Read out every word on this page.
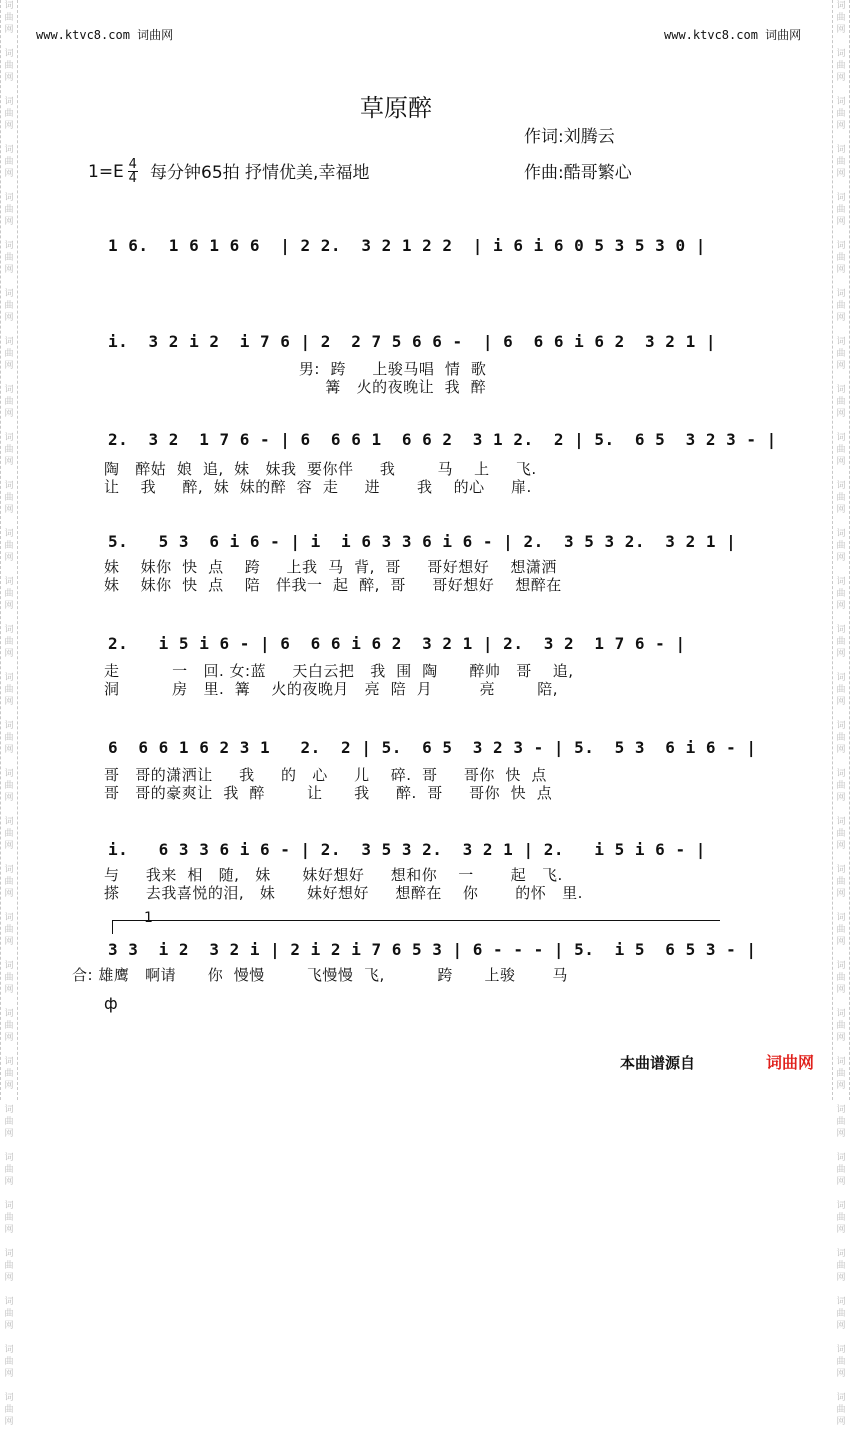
词
曲
网

词
曲
网

词
曲
网

词
曲
网

词
曲
网

词
曲
网

词
曲
网

词
曲
网

词
曲
网

词
曲
网

词
曲
网

词
曲
网

词
曲
网

词
曲
网

词
曲
网

词
曲
网

词
曲
网

词
曲
网

词
曲
网

词
曲
网

词
曲
网

词
曲
网

词
曲
网

词
曲
网

词
曲
网

词
曲
网

词
曲
网

词
曲
网

词
曲
网

词
曲
网

词
曲
网

词
曲
网

词
曲
网

词
曲
网

词
曲
网

词
曲
网

词
曲
网

词
曲
网

词
曲
网

词
曲
网

词
曲
网

词
曲
网

词
曲
网

词
曲
网

词
曲
网

词
曲
网

词
曲
网

词
曲
网

词
曲
网

词
曲
网

词
曲
网

词
曲
网

词
曲
网

词
曲
网

词
曲
网

词
曲
网

词
曲
网

词
曲
网

词
曲
网

词
曲
网

www.ktvc8.com 词曲网	www.ktvc8.com 词曲网
草原醉
作词:刘腾云
作曲:酷哥繁心
$1=E \frac{4}{4}$ 每分钟65拍 抒情优美,幸福地
1 6.  1 6 1 6 6  | 2 2.  3 2 1 2 2  | i 6 i 6 0 5 3 5 3 0 |
i.  3 2 i 2  i 7 6 | 2  2 7 5 6 6 -  | 6  6 6 i 6 2  3 2 1 |
男:  跨     上骏马唱  情  歌
篝   火的夜晚让  我  醉
2.  3 2  1 7 6 - | 6  6 6 1  6 6 2  3 1 2.  2 | 5.  6 5  3 2 3 - |
陶   醉姑  娘  追,  妹   妹我  要你伴     我        马    上     飞.
让    我     醉,  妹  妹的醉  容  走     进       我    的心     扉.
5.   5 3  6 i 6 - | i  i 6 3 3 6 i 6 - | 2.  3 5 3 2.  3 2 1 |
妹    妹你  快  点    跨     上我  马  背,  哥     哥好想好    想潇洒
妹    妹你  快  点    陪   伴我一  起  醉,  哥     哥好想好    想醉在
2.   i 5 i 6 - | 6  6 6 i 6 2  3 2 1 | 2.  3 2  1 7 6 - |
走          一   回. 女:蓝     天白云把   我  围  陶      醉帅   哥    追,
洞          房   里.  篝    火的夜晚月   亮  陪  月         亮        陪,
6  6 6 1 6 2 3 1   2.  2 | 5.  6 5  3 2 3 - | 5.  5 3  6 i 6 - |
哥   哥的潇洒让     我     的   心     儿    碎.  哥     哥你  快  点
哥   哥的豪爽让  我  醉        让      我     醉.  哥     哥你  快  点
i.   6 3 3 6 i 6 - | 2.  3 5 3 2.  3 2 1 | 2.   i 5 i 6 - |
与     我来  相   随,   妹      妹好想好     想和你    一       起   飞.
搽     去我喜悦的泪,   妹      妹好想好     想醉在    你       的怀   里.
1
3 3  i 2  3 2 i | 2 i 2 i 7 6 5 3 | 6 - - - | 5.  i 5  6 5 3 - |
合: 雄鹰   啊请      你  慢慢        飞慢慢  飞,          跨      上骏       马
ф
本曲谱源自	词曲网
